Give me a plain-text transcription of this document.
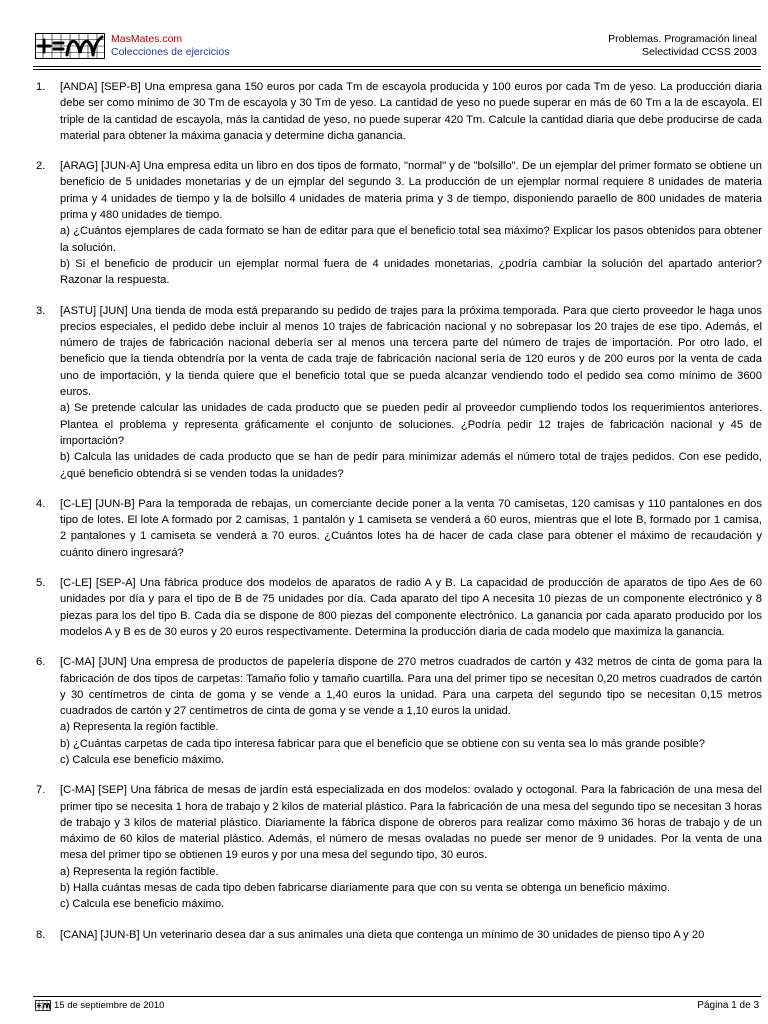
MasMates.com
Colecciones de ejercicios
Problemas. Programación lineal
Selectividad CCSS 2003
1.	[ANDA] [SEP-B] Una empresa gana 150 euros por cada Tm de escayola producida y 100 euros por cada Tm de yeso. La producción diaria debe ser como mínimo de 30 Tm de escayola y 30 Tm de yeso. La cantidad de yeso no puede superar en más de 60 Tm a la de escayola. El triple de la cantidad de escayola, más la cantidad de yeso, no puede superar 420 Tm. Calcule la cantidad diaria que debe producirse de cada material para obtener la máxima ganacia y determine dicha ganancia.

2.	[ARAG] [JUN-A] Una empresa edita un libro en dos tipos de formato, "normal" y de "bolsillo". De un ejemplar del primer formato se obtiene un beneficio de 5 unidades monetarias y de un ejmplar del segundo 3. La producción de un ejemplar normal requiere 8 unidades de materia prima y 4 unidades de tiempo y la de bolsillo 4 unidades de materia prima y 3 de tiempo, disponiendo paraello de 800 unidades de materia prima y 480 unidades de tiempo.

a) ¿Cuántos ejemplares de cada formato se han de editar para que el beneficio total sea máximo? Explicar los pasos obtenidos para obtener la solución.

b) Si el beneficio de producir un ejemplar normal fuera de 4 unidades monetarias, ¿podría cambiar la solución del apartado anterior? Razonar la respuesta.

3.	[ASTU] [JUN] Una tienda de moda está preparando su pedido de trajes para la próxima temporada. Para que cierto proveedor le haga unos precios especiales, el pedido debe incluir al menos 10 trajes de fabricación nacional y no sobrepasar los 20 trajes de ese tipo. Además, el número de trajes de fabricación nacional debería ser al menos una tercera parte del número de trajes de importación. Por otro lado, el beneficio que la tienda obtendría por la venta de cada traje de fabricación nacional sería de 120 euros y de 200 euros por la venta de cada uno de importación, y la tienda quiere que el beneficio total que se pueda alcanzar vendiendo todo el pedido sea como mínimo de 3600 euros.

a) Se pretende calcular las unidades de cada producto que se pueden pedir al proveedor cumpliendo todos los requerimientos anteriores. Plantea el problema y representa gráficamente el conjunto de soluciones. ¿Podría pedir 12 trajes de fabricación nacional y 45 de importación?

b) Calcula las unidades de cada producto que se han de pedir para minimizar además el número total de trajes pedidos. Con ese pedido, ¿qué beneficio obtendrá si se venden todas la unidades?

4.	[C-LE] [JUN-B] Para la temporada de rebajas, un comerciante decide poner a la venta 70 camisetas, 120 camisas y 110 pantalones en dos tipo de lotes. El lote A formado por 2 camisas, 1 pantalón y 1 camiseta se venderá a 60 euros, mientras que el lote B, formado por 1 camisa, 2 pantalones y 1 camiseta se venderá a 70 euros. ¿Cuántos lotes ha de hacer de cada clase para obtener el máximo de recaudación y cuánto dinero ingresará?

5.	[C-LE] [SEP-A] Una fábrica produce dos modelos de aparatos de radio A y B. La capacidad de producción de aparatos de tipo Aes de 60 unidades por día y para el tipo de B de 75 unidades por día. Cada aparato del tipo A necesita 10 piezas de un componente electrónico y 8 piezas para los del tipo B. Cada día se dispone de 800 piezas del componente electrónico. La ganancia por cada aparato producido por los modelos A y B es de 30 euros y 20 euros respectivamente. Determina la producción diaria de cada modelo que maximiza la ganancia.

6.	[C-MA] [JUN] Una empresa de productos de papelería dispone de 270 metros cuadrados de cartón y 432 metros de cinta de goma para la fabricación de dos tipos de carpetas: Tamaño folio y tamaño cuartilla. Para una del primer tipo se necesitan 0,20 metros cuadrados de cartón y 30 centímetros de cinta de goma y se vende a 1,40 euros la unidad. Para una carpeta del segundo tipo se necesitan 0,15 metros cuadrados de cartón y 27 centímetros de cinta de goma y se vende a 1,10 euros la unidad.

a) Representa la región factible.

b) ¿Cuántas carpetas de cada tipo interesa fabricar para que el beneficio que se obtiene con su venta sea lo más grande posible?

c) Calcula ese beneficio máximo.

7.	[C-MA] [SEP] Una fábrica de mesas de jardín está especializada en dos modelos: ovalado y octogonal. Para la fabricación de una mesa del primer tipo se necesita 1 hora de trabajo y 2 kilos de material plástico. Para la fabricación de una mesa del segundo tipo se necesitan 3 horas de trabajo y 3 kilos de material plástico. Diariamente la fábrica dispone de obreros para realizar como máximo 36 horas de trabajo y de un máximo de 60 kilos de material plástico. Además, el número de mesas ovaladas no puede ser menor de 9 unidades. Por la venta de una mesa del primer tipo se obtienen 19 euros y por una mesa del segundo tipo, 30 euros.

a) Representa la región factible.

b) Halla cuántas mesas de cada tipo deben fabricarse diariamente para que con su venta se obtenga un beneficio máximo.

c) Calcula ese beneficio máximo.

8.	[CANA] [JUN-B] Un veterinario desea dar a sus animales una dieta que contenga un mínimo de 30 unidades de pienso tipo A y 20

15 de septiembre de 2010	Página 1 de 3
